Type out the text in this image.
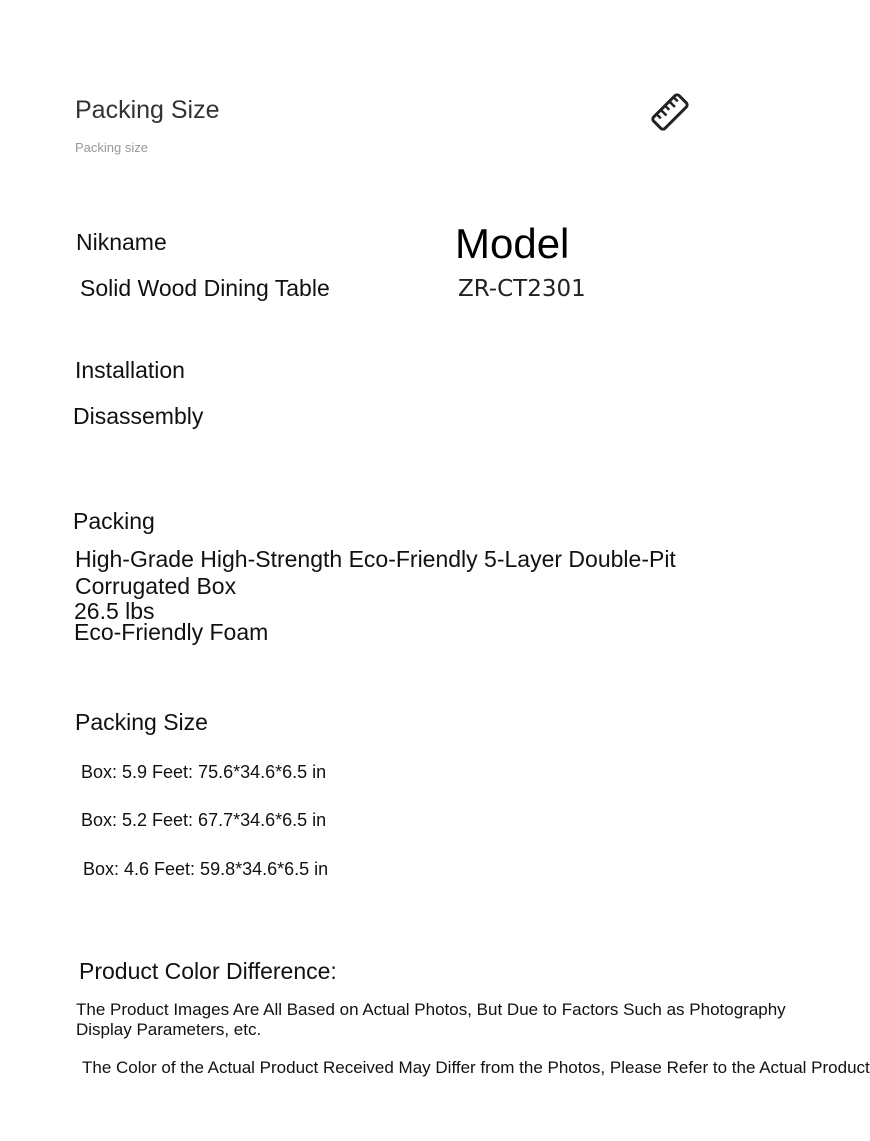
Packing Size
Packing size
Nikname	Model
Solid Wood Dining Table	ZR-CT2301
Installation
Disassembly
Packing
High-Grade High-Strength Eco-Friendly 5-Layer Double-Pit
Corrugated Box
26.5 lbs
Eco-Friendly Foam
Packing Size
Box: 5.9 Feet: 75.6*34.6*6.5 in
Box: 5.2 Feet: 67.7*34.6*6.5 in
Box: 4.6 Feet: 59.8*34.6*6.5 in
Product Color Difference:
The Product Images Are All Based on Actual Photos, But Due to Factors Such as Photography
Display Parameters, etc.
The Color of the Actual Product Received May Differ from the Photos, Please Refer to the Actual Product
